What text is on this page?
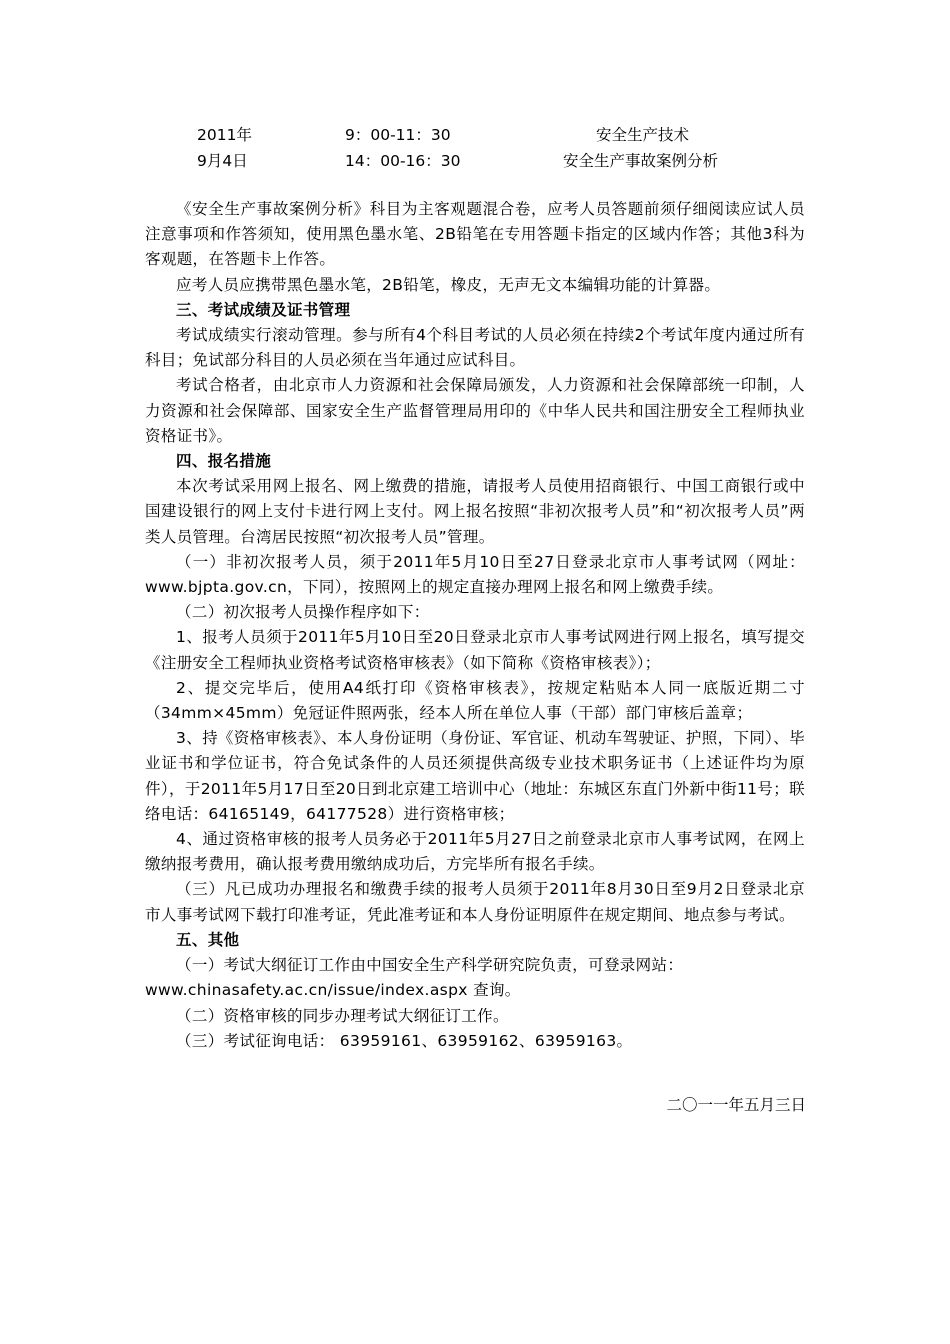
2011年	9：00-11：30	安全生产技术
9月4日	14：00-16：30	安全生产事故案例分析

《安全生产事故案例分析》科目为主客观题混合卷，应考人员答题前须仔细阅读应试人员注意事项和作答须知，使用黑色墨水笔、2B铅笔在专用答题卡指定的区域内作答；其他3科为客观题，在答题卡上作答。

应考人员应携带黑色墨水笔，2B铅笔，橡皮，无声无文本编辑功能的计算器。

三、考试成绩及证书管理

考试成绩实行滚动管理。参与所有4个科目考试的人员必须在持续2个考试年度内通过所有科目；免试部分科目的人员必须在当年通过应试科目。

考试合格者，由北京市人力资源和社会保障局颁发，人力资源和社会保障部统一印制，人力资源和社会保障部、国家安全生产监督管理局用印的《中华人民共和国注册安全工程师执业资格证书》。

四、报名措施

本次考试采用网上报名、网上缴费的措施，请报考人员使用招商银行、中国工商银行或中国建设银行的网上支付卡进行网上支付。网上报名按照“非初次报考人员”和“初次报考人员”两类人员管理。台湾居民按照“初次报考人员”管理。

（一）非初次报考人员，须于2011年5月10日至27日登录北京市人事考试网（网址：www.bjpta.gov.cn，下同），按照网上的规定直接办理网上报名和网上缴费手续。

（二）初次报考人员操作程序如下：

1、报考人员须于2011年5月10日至20日登录北京市人事考试网进行网上报名，填写提交《注册安全工程师执业资格考试资格审核表》（如下简称《资格审核表》）；

2、提交完毕后，使用A4纸打印《资格审核表》，按规定粘贴本人同一底版近期二寸（34mm×45mm）免冠证件照两张，经本人所在单位人事（干部）部门审核后盖章；

3、持《资格审核表》、本人身份证明（身份证、军官证、机动车驾驶证、护照，下同）、毕业证书和学位证书，符合免试条件的人员还须提供高级专业技术职务证书（上述证件均为原件），于2011年5月17日至20日到北京建工培训中心（地址：东城区东直门外新中街11号；联络电话：64165149，64177528）进行资格审核；

4、通过资格审核的报考人员务必于2011年5月27日之前登录北京市人事考试网，在网上缴纳报考费用，确认报考费用缴纳成功后，方完毕所有报名手续。

（三）凡已成功办理报名和缴费手续的报考人员须于2011年8月30日至9月2日登录北京市人事考试网下载打印准考证，凭此准考证和本人身份证明原件在规定期间、地点参与考试。

五、其他

（一）考试大纲征订工作由中国安全生产科学研究院负责，可登录网站：

www.chinasafety.ac.cn/issue/index.aspx 查询。

（二）资格审核的同步办理考试大纲征订工作。

（三）考试征询电话： 63959161、63959162、63959163。

二〇一一年五月三日
